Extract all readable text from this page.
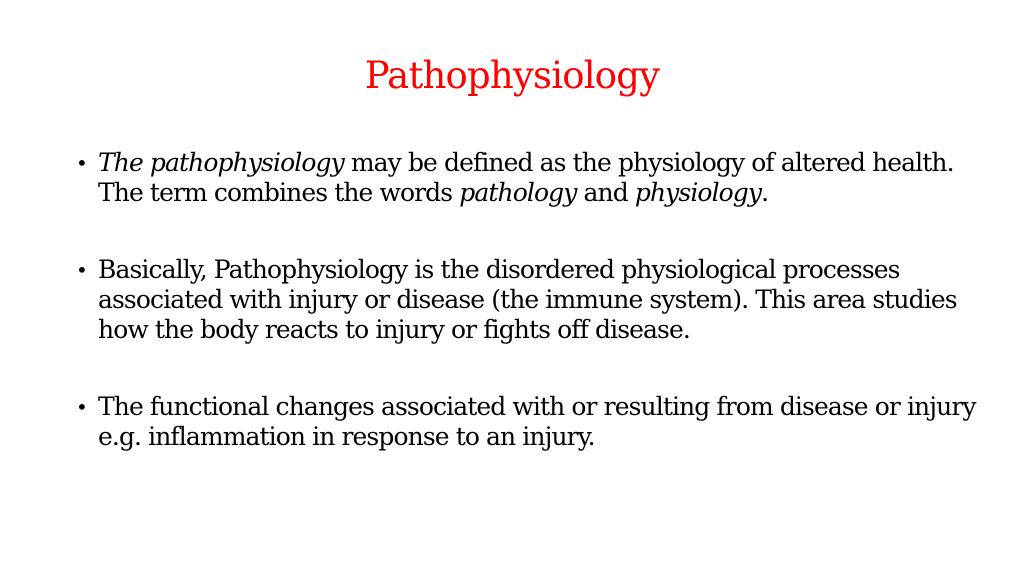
Pathophysiology
• The pathophysiology may be defined as the physiology of altered health. The term combines the words pathology and physiology.
• Basically, Pathophysiology is the disordered physiological processes associated with injury or disease (the immune system). This area studies how the body reacts to injury or fights off disease.
• The functional changes associated with or resulting from disease or injury e.g. inflammation in response to an injury.
